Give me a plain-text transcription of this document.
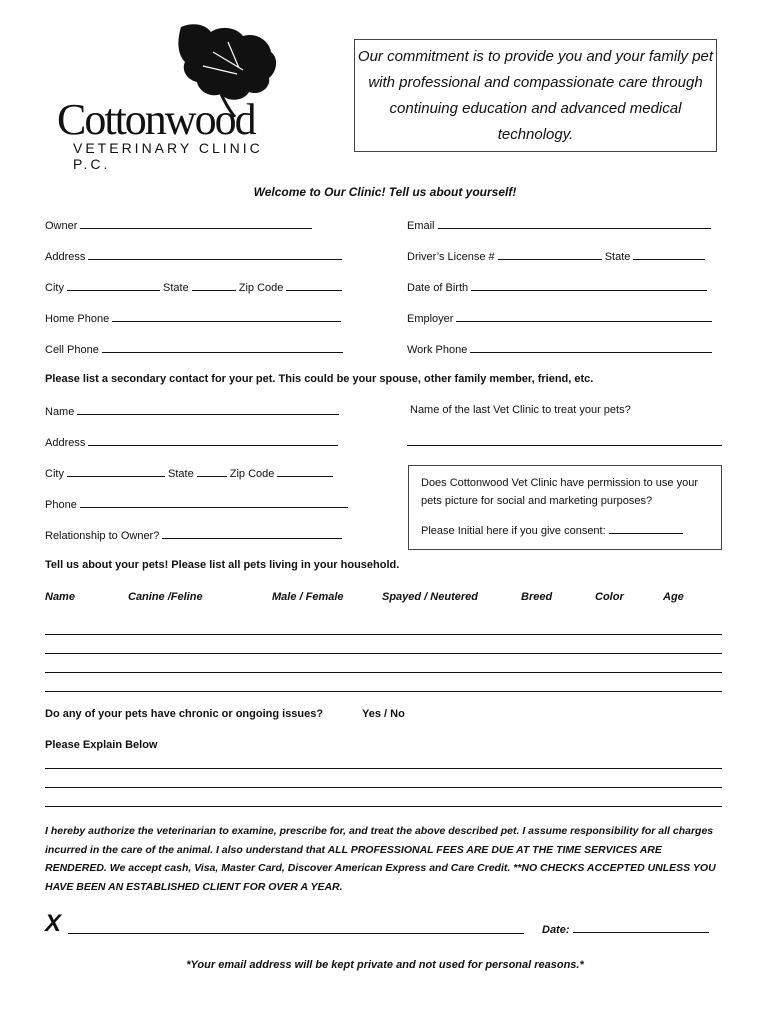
Cottonwood
VETERINARY CLINIC P.C.
Our commitment is to provide you and your family pet with professional and compassionate care through continuing education and advanced medical technology.
Welcome to Our Clinic! Tell us about yourself!
Owner
Address
City	State	Zip Code
Home Phone
Cell Phone
Email
Driver’s License #	State
Date of Birth
Employer
Work Phone
Please list a secondary contact for your pet. This could be your spouse, other family member, friend, etc.
Name
Address
City	State	Zip Code
Phone
Relationship to Owner?
Name of the last Vet Clinic to treat your pets?
Does Cottonwood Vet Clinic have permission to use your pets picture for social and marketing purposes?
Please Initial here if you give consent:
Tell us about your pets! Please list all pets living in your household.
Name	Canine /Feline	Male / Female	Spayed / Neutered	Breed	Color	Age
Do any of your pets have chronic or ongoing issues?	Yes / No
Please Explain Below
I hereby authorize the veterinarian to examine, prescribe for, and treat the above described pet. I assume responsibility for all charges incurred in the care of the animal. I also understand that ALL PROFESSIONAL FEES ARE DUE AT THE TIME SERVICES ARE RENDERED. We accept cash, Visa, Master Card, Discover American Express and Care Credit. **NO CHECKS ACCEPTED UNLESS YOU HAVE BEEN AN ESTABLISHED CLIENT FOR OVER A YEAR.
X	Date:
*Your email address will be kept private and not used for personal reasons.*
